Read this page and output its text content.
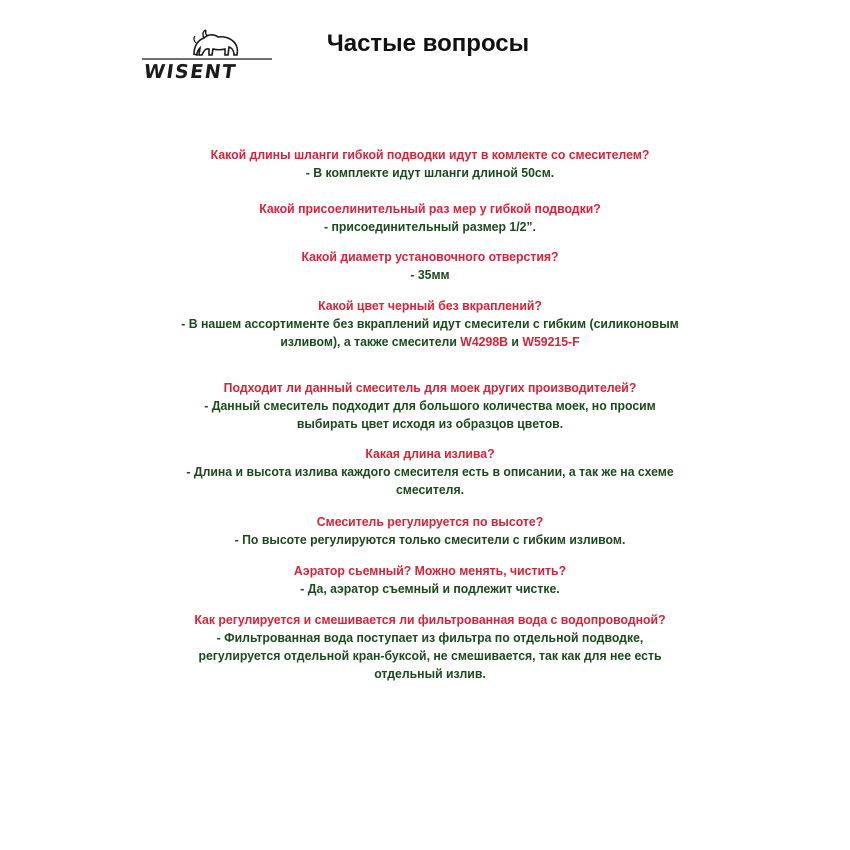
WISENT
Частые вопросы
Какой длины шланги гибкой подводки идут в комлекте со смесителем?
- В комплекте идут шланги длиной 50см.
Какой присоелинительный раз мер у гибкой подводки?
- присоединительный размер 1/2”.
Какой диаметр установочного отверстия?
- 35мм
Какой цвет черный без вкраплений?
- В нашем ассортименте без вкраплений идут смесители с гибким (силиконовым
изливом), а также смесители W4298B и W59215-F
Подходит ли данный смеситель для моек других производителей?
- Данный смеситель подходит для большого количества моек, но просим
выбирать цвет исходя из образцов цветов.
Какая длина излива?
- Длина и высота излива каждого смесителя есть в описании, а так же на схеме
смесителя.
Смеситель регулируется по высоте?
- По высоте регулируются только смесители с гибким изливом.
Аэратор сьемный? Можно менять, чистить?
- Да, аэратор съемный и подлежит чистке.
Как регулируется и смешивается ли фильтрованная вода с водопроводной?
- Фильтрованная вода поступает из фильтра по отдельной подводке,
регулируется отдельной кран-буксой, не смешивается, так как для нее есть
отдельный излив.
